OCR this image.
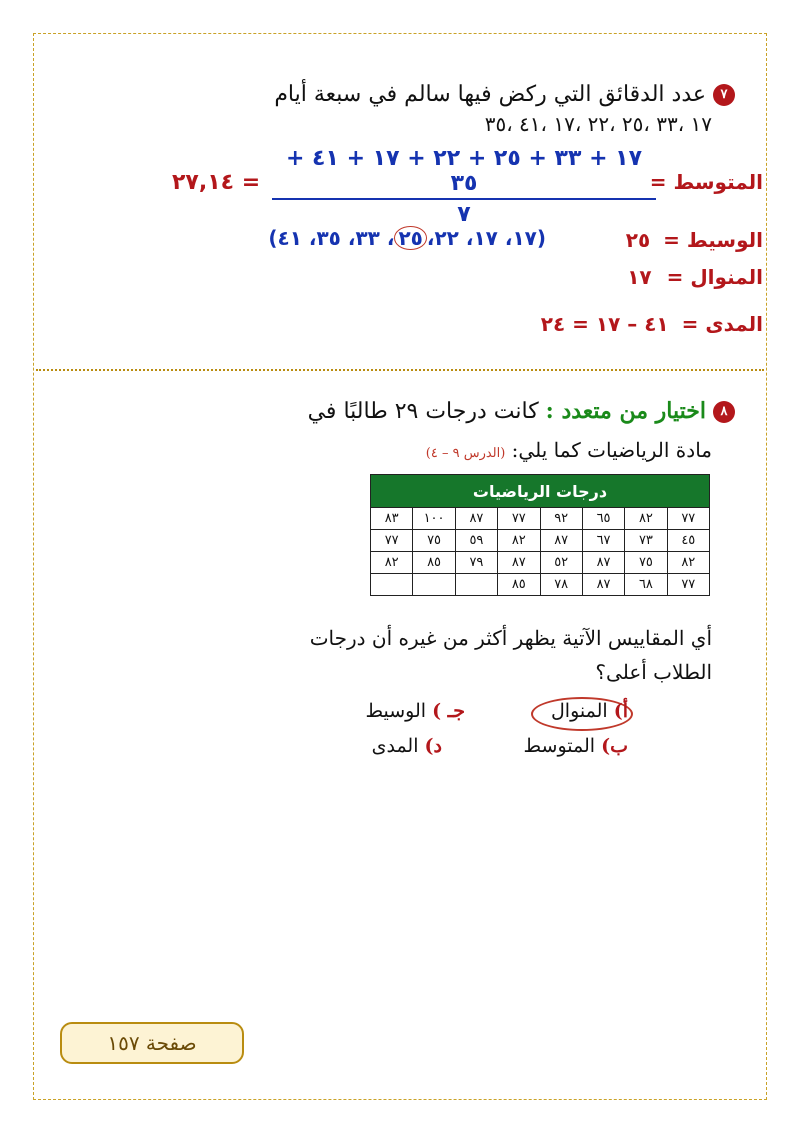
٧ عدد الدقائق التي ركض فيها سالم في سبعة أيام
١٧ ،٣٣ ،٢٥ ،٢٢ ،١٧ ،٤١ ،٣٥
المتوسط =
١٧ + ٣٣ + ٢٥ + ٢٢ + ١٧ + ٤١ + ٣٥
٧
٢٧,١٤ =
الوسيط = ٢٥
(١٧، ١٧، ٢٢،٢٥، ٣٣، ٣٥، ٤١)
المنوال = ١٧
المدى = ٤١ – ١٧ = ٢٤
٨ اختيار من متعدد : كانت درجات ٢٩ طالبًا في
مادة الرياضيات كما يلي: (الدرس ٩ – ٤)
درجات الرياضيات							
٧٧	٨٢	٦٥	٩٢	٧٧	٨٧	١٠٠	٨٣
٤٥	٧٣	٦٧	٨٧	٨٢	٥٩	٧٥	٧٧
٨٢	٧٥	٨٧	٥٢	٨٧	٧٩	٨٥	٨٢
٧٧	٦٨	٨٧	٧٨	٨٥			
أي المقاييس الآتية يظهر أكثر من غيره أن درجات
الطلاب أعلى؟
أ) المنوال
جـ ) الوسيط
ب) المتوسط
د) المدى
صفحة ١٥٧
